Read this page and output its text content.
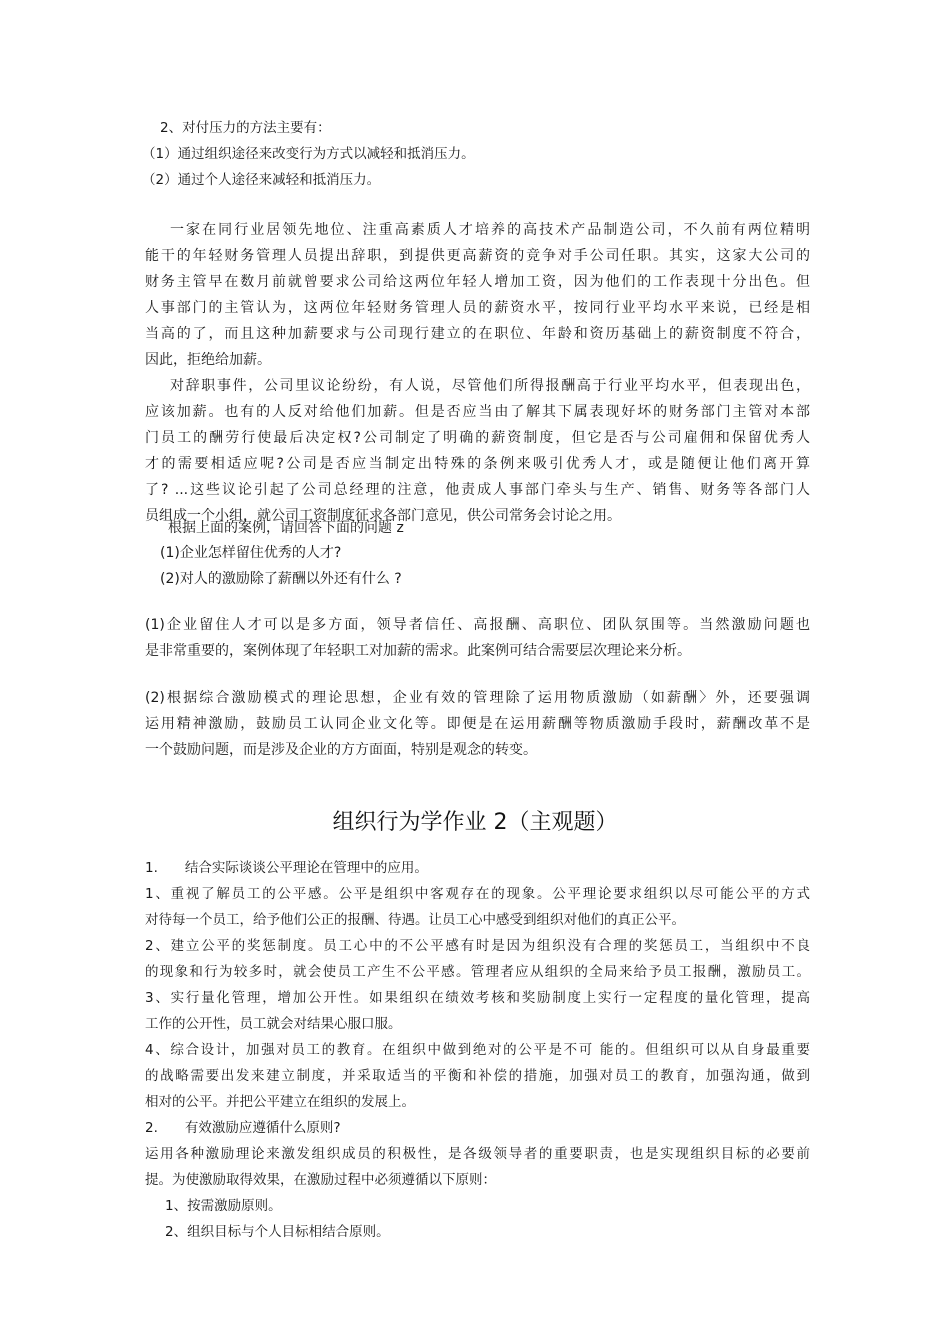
2、对付压力的方法主要有：
（1）通过组织途径来改变行为方式以减轻和抵消压力。
（2）通过个人途径来减轻和抵消压力。
一家在同行业居领先地位、注重高素质人才培养的高技术产品制造公司，不久前有两位精明
能干的年轻财务管理人员提出辞职，到提供更高薪资的竞争对手公司任职。其实，这家大公司的
财务主管早在数月前就曾要求公司给这两位年轻人增加工资，因为他们的工作表现十分出色。但
人事部门的主管认为，这两位年轻财务管理人员的薪资水平，按同行业平均水平来说，已经是相
当高的了，而且这种加薪要求与公司现行建立的在职位、年龄和资历基础上的薪资制度不符合，
因此，拒绝给加薪。
对辞职事件，公司里议论纷纷，有人说，尽管他们所得报酬高于行业平均水平，但表现出色，
应该加薪。也有的人反对给他们加薪。但是否应当由了解其下属表现好坏的财务部门主管对本部
门员工的酬劳行使最后决定权?公司制定了明确的薪资制度，但它是否与公司雇佣和保留优秀人
才的需要相适应呢?公司是否应当制定出特殊的条例来吸引优秀人才，或是随便让他们离开算
了? ...这些议论引起了公司总经理的注意，他责成人事部门牵头与生产、销售、财务等各部门人
员组成一个小组，就公司工资制度征求各部门意见，供公司常务会讨论之用。
根据上面的案例，请回答下面的问题 z
(1)企业怎样留住优秀的人才?
(2)对人的激励除了薪酬以外还有什么 ?
(1)企业留住人才可以是多方面，领导者信任、高报酬、高职位、团队氛围等。当然激励问题也
是非常重要的，案例体现了年轻职工对加薪的需求。此案例可结合需要层次理论来分析。
(2)根据综合激励模式的理论思想，企业有效的管理除了运用物质激励（如薪酬〉外，还要强调
运用精神激励，鼓励员工认同企业文化等。即便是在运用薪酬等物质激励手段时，薪酬改革不是
一个鼓励问题，而是涉及企业的方方面面，特别是观念的转变。
组织行为学作业 2（主观题）
1.　　结合实际谈谈公平理论在管理中的应用。
1、重视了解员工的公平感。公平是组织中客观存在的现象。公平理论要求组织以尽可能公平的方式
对待每一个员工，给予他们公正的报酬、待遇。让员工心中感受到组织对他们的真正公平。
2、建立公平的奖惩制度。员工心中的不公平感有时是因为组织没有合理的奖惩员工，当组织中不良
的现象和行为较多时，就会使员工产生不公平感。管理者应从组织的全局来给予员工报酬，激励员工。
3、实行量化管理，增加公开性。如果组织在绩效考核和奖励制度上实行一定程度的量化管理，提高
工作的公开性，员工就会对结果心服口服。
4、综合设计，加强对员工的教育。在组织中做到绝对的公平是不可 能的。但组织可以从自身最重要
的战略需要出发来建立制度，并采取适当的平衡和补偿的措施，加强对员工的教育，加强沟通，做到
相对的公平。并把公平建立在组织的发展上。
2.　　有效激励应遵循什么原则?
运用各种激励理论来激发组织成员的积极性，是各级领导者的重要职责，也是实现组织目标的必要前
提。为使激励取得效果，在激励过程中必须遵循以下原则：
1、按需激励原则。
2、组织目标与个人目标相结合原则。
